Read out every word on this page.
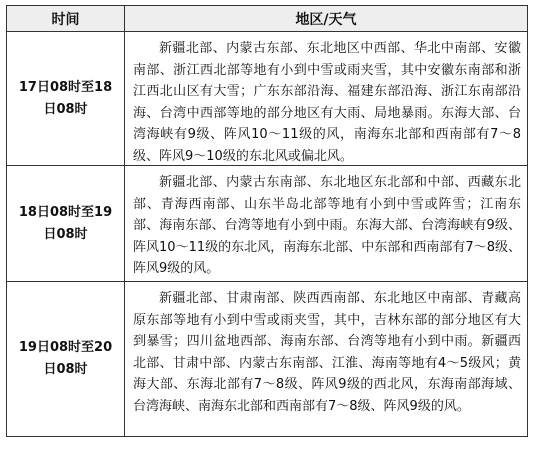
时间	地区/天气
17日08时至18日08时
新疆北部、内蒙古东部、东北地区中西部、华北中南部、安徽南部、浙江西北部等地有小到中雪或雨夹雪，其中安徽东南部和浙江西北山区有大雪；广东东部沿海、福建东部沿海、浙江东南部沿海、台湾中西部等地的部分地区有大雨、局地暴雨。东海大部、台湾海峡有9级、阵风10～11级的风，南海东北部和西南部有7～8级、阵风9～10级的东北风或偏北风。
18日08时至19日08时
新疆北部、内蒙古东南部、东北地区东北部和中部、西藏东北部、青海西南部、山东半岛北部等地有小到中雪或阵雪；江南东部、海南东部、台湾等地有小到中雨。东海大部、台湾海峡有9级、阵风10～11级的东北风，南海东北部、中东部和西南部有7～8级、阵风9级的风。
19日08时至20日08时
新疆北部、甘肃南部、陕西西南部、东北地区中南部、青藏高原东部等地有小到中雪或雨夹雪，其中，吉林东部的部分地区有大到暴雪；四川盆地西部、海南东部、台湾等地有小到中雨。新疆西北部、甘肃中部、内蒙古东南部、江淮、海南等地有4～5级风；黄海大部、东海北部有7～8级、阵风9级的西北风，东海南部海域、台湾海峡、南海东北部和西南部有7～8级、阵风9级的风。
